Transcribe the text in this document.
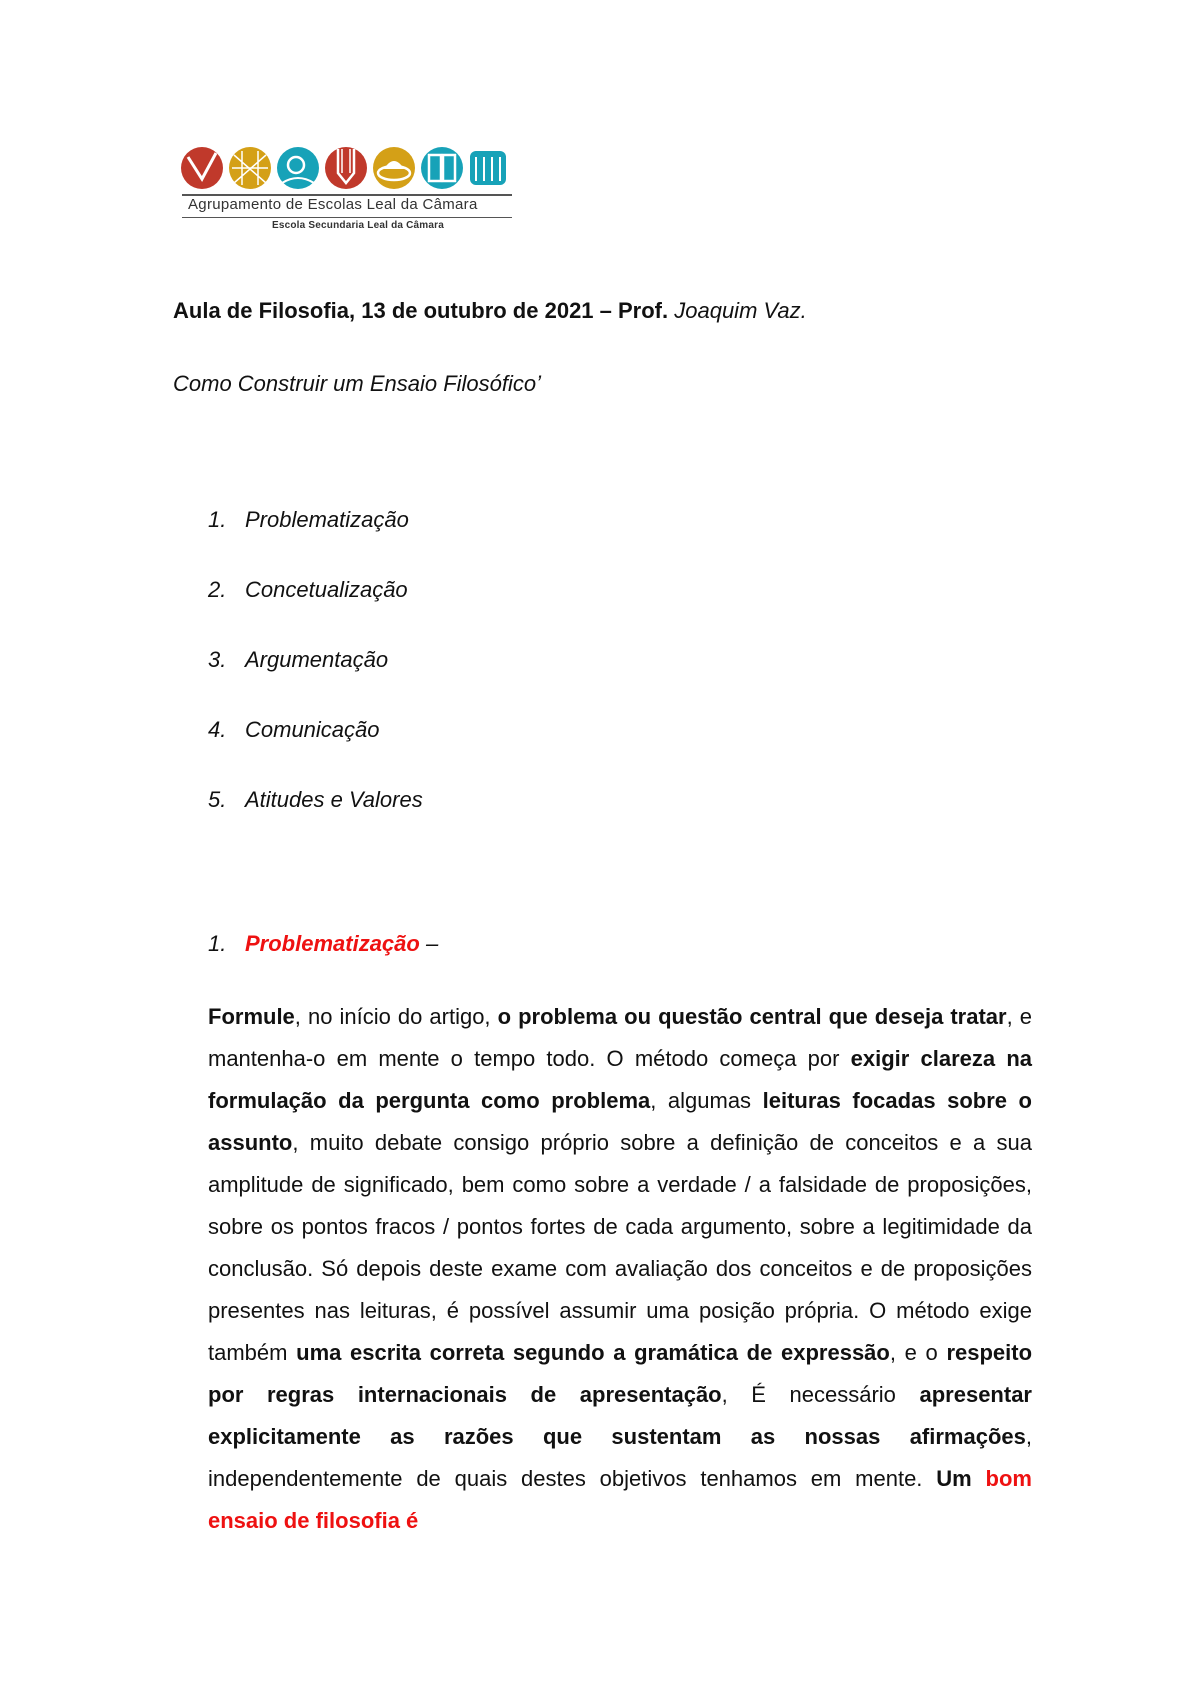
Agrupamento de Escolas Leal da Câmara
Escola Secundaria Leal da Câmara
Aula de Filosofia, 13 de outubro de 2021 – Prof. Joaquim Vaz.
Como Construir um Ensaio Filosófico’
1. Problematização
2. Concetualização
3. Argumentação
4. Comunicação
5. Atitudes e Valores
1. Problematização –
Formule, no início do artigo, o problema ou questão central que deseja tratar, e mantenha-o em mente o tempo todo. O método começa por exigir clareza na formulação da pergunta como problema, algumas leituras focadas sobre o assunto, muito debate consigo próprio sobre a definição de conceitos e a sua amplitude de significado, bem como sobre a verdade / a falsidade de proposições, sobre os pontos fracos / pontos fortes de cada argumento, sobre a legitimidade da conclusão. Só depois deste exame com avaliação dos conceitos e de proposições presentes nas leituras, é possível assumir uma posição própria. O método exige também uma escrita correta segundo a gramática de expressão, e o respeito por regras internacionais de apresentação, É necessário apresentar explicitamente as razões que sustentam as nossas afirmações, independentemente de quais destes objetivos tenhamos em mente. Um bom ensaio de filosofia é
